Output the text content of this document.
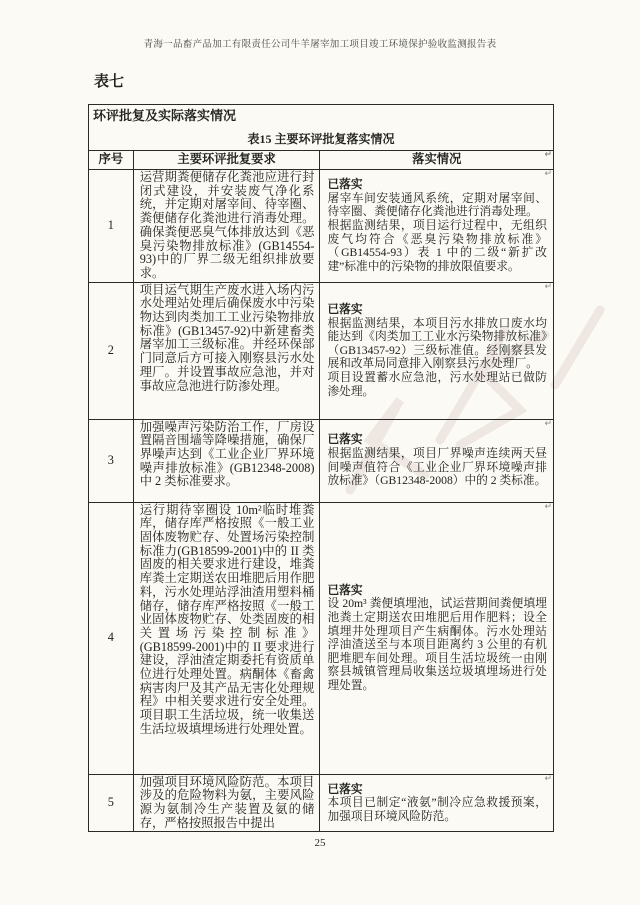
青海一品畜产品加工有限责任公司牛羊屠宰加工项目竣工环境保护验收监测报告表
表七
环评批复及实际落实情况
表15 主要环评批复落实情况
序号	主要环评批复要求	落实情况 ↵

1	运营期粪便储存化粪池应进行封闭式建设，并安装废气净化系统，并定期对屠宰间、待宰圈、粪便储存化粪池进行消毒处理。确保粪便恶臭气体排放达到《恶臭污染物排放标准》(GB14554-93)中的厂界二级无组织排放要求。	↵
已落实
屠宰车间安装通风系统，定期对屠宰间、待宰圈、粪便储存化粪池进行消毒处理。
根据监测结果，项目运行过程中，无组织废气均符合《恶臭污染物排放标准》（GB14554-93）表 1 中的二级“新扩改建”标准中的污染物的排放限值要求。

2	项目运气期生产废水进入场内污水处理站处理后确保废水中污染物达到肉类加工工业污染物排放标准》(GB13457-92)中新建畜类屠宰加工三级标准。并经环保部门同意后方可接入刚察县污水处理厂。并设置事故应急池，并对事故应急池进行防渗处理。	↵
已落实
根据监测结果，本项目污水排放口废水均能达到《肉类加工工业水污染物排放标准》（GB13457-92）三级标准值。经刚察县发展和改革局同意排入刚察县污水处理厂。
项目设置蓄水应急池，污水处理站已做防渗处理。

3	加强噪声污染防治工作，厂房设置隔音围墙等降噪措施，确保厂界噪声达到《工业企业厂界环境噪声排放标准》(GB12348-2008)中 2 类标准要求。	↵
已落实
根据监测结果，项目厂界噪声连续两天昼间噪声值符合《工业企业厂界环境噪声排放标准》（GB12348-2008）中的 2 类标准。

4	运行期待宰圈设 10m²临时堆粪库，储存库严格按照《一般工业固体废物贮存、处置场污染控制标准力(GB18599-2001)中的 II 类固废的相关要求进行建设，堆粪库粪土定期送农田堆肥后用作肥料，污水处理站浮油渣用塑料桶储存，储存库严格按照《一般工业固体废物贮存、处类固废的相关置场污染控制标准》(GB18599-2001)中的 II 要求进行建设，浮油渣定期委托有资质单位进行处理处置。病酮体《畜禽病害肉尸及其产品无害化处理规程》中相关要求进行安全处理。项目职工生活垃圾，统一收集送生活垃圾填埋场进行处理处置。	
↵
已落实
设 20m³ 粪便填埋池，试运营期间粪便填埋池粪土定期送农田堆肥后用作肥料；设全填埋井处理项目产生病酮体。污水处理站浮油渣送至与本项目距离约 3 公里的有机肥堆肥车间处理。项目生活垃圾统一由刚察县城镇管理局收集送垃圾填埋场进行处理处置。

5	加强项目环境风险防范。本项目涉及的危险物料为氨，主要风险源为氨制冷生产装置及氨的储存，严格按照报告中提出	↵
已落实
本项目已制定“液氨”制冷应急救援预案，加强项目环境风险防范。
25
